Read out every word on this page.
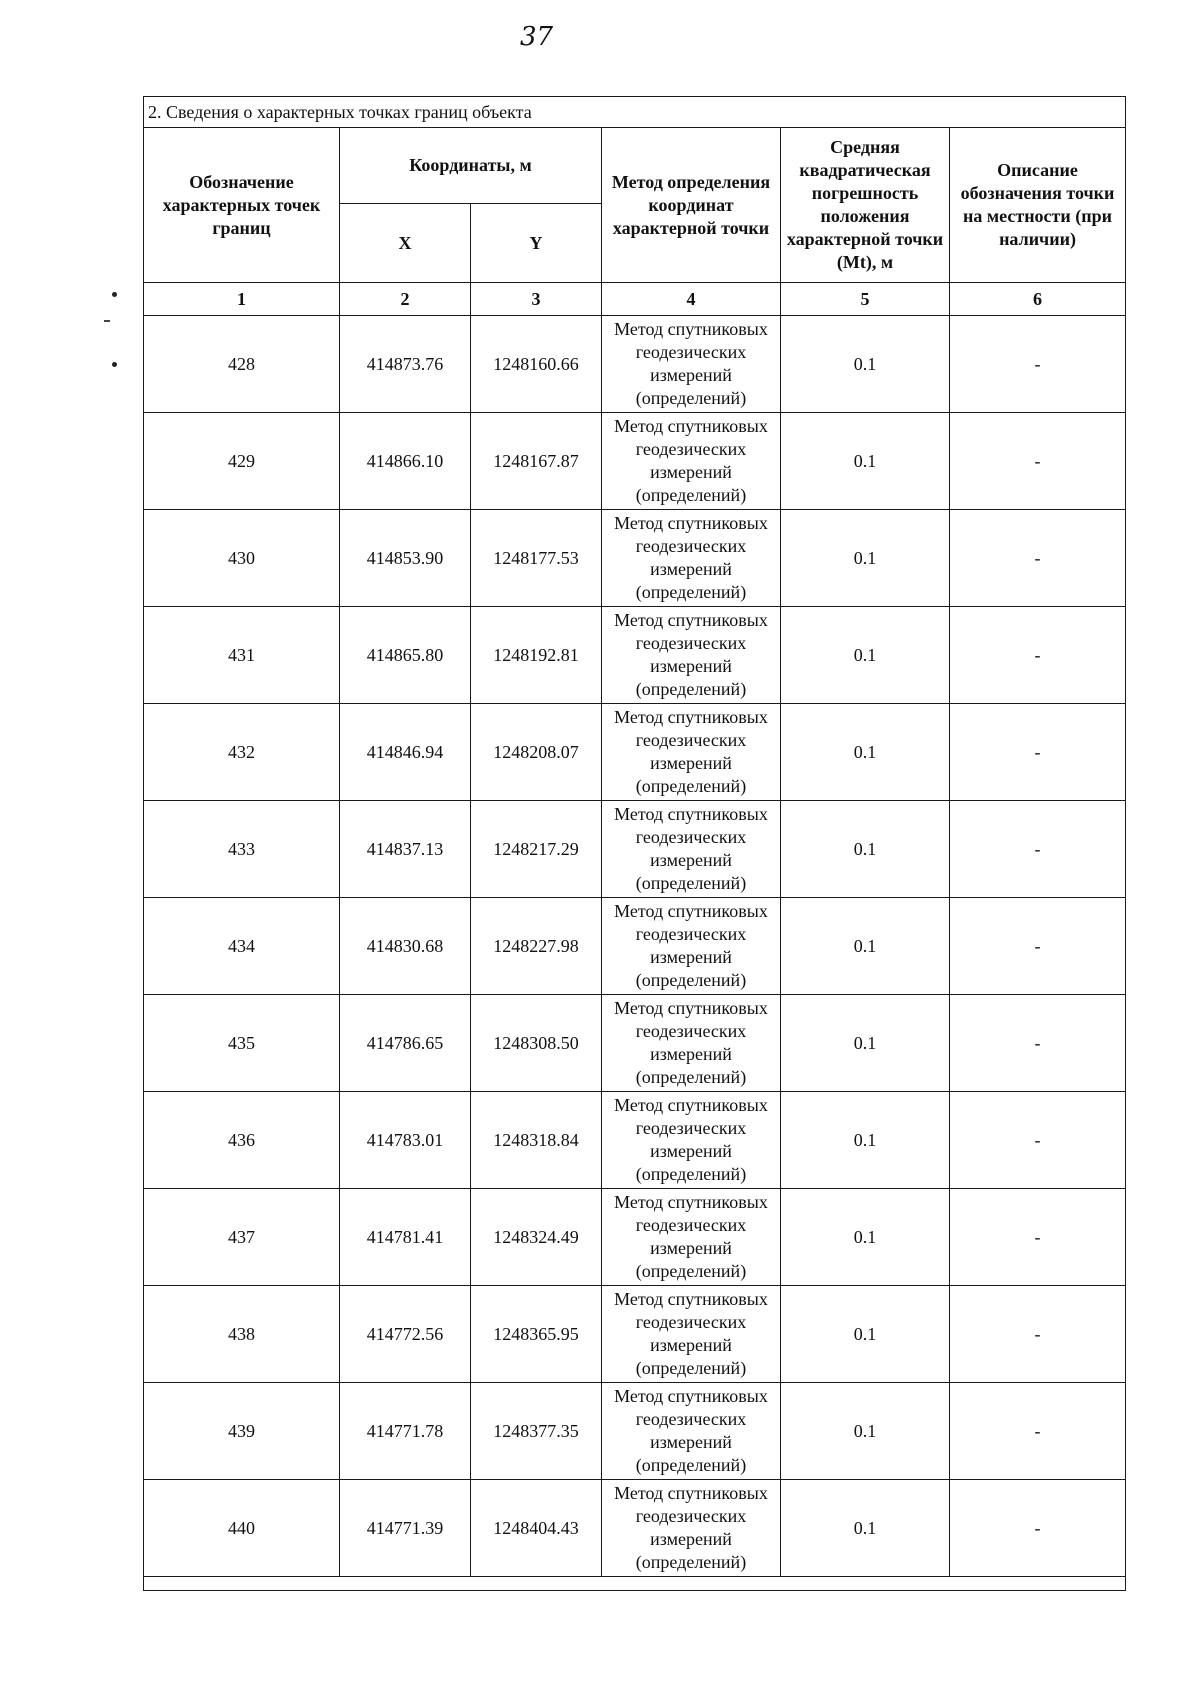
37
2. Сведения о характерных точках границ объекта					
Обозначение характерных точек границ	Координаты, м		Метод определения координат характерной точки	Средняя квадратическая погрешность положения характерной точки (Mt), м	Описание обозначения точки на местности (при наличии)
	X	Y			
1	2	3	4	5	6
428	414873.76	1248160.66	Метод спутниковых геодезических измерений (определений)	0.1	-
429	414866.10	1248167.87	Метод спутниковых геодезических измерений (определений)	0.1	-
430	414853.90	1248177.53	Метод спутниковых геодезических измерений (определений)	0.1	-
431	414865.80	1248192.81	Метод спутниковых геодезических измерений (определений)	0.1	-
432	414846.94	1248208.07	Метод спутниковых геодезических измерений (определений)	0.1	-
433	414837.13	1248217.29	Метод спутниковых геодезических измерений (определений)	0.1	-
434	414830.68	1248227.98	Метод спутниковых геодезических измерений (определений)	0.1	-
435	414786.65	1248308.50	Метод спутниковых геодезических измерений (определений)	0.1	-
436	414783.01	1248318.84	Метод спутниковых геодезических измерений (определений)	0.1	-
437	414781.41	1248324.49	Метод спутниковых геодезических измерений (определений)	0.1	-
438	414772.56	1248365.95	Метод спутниковых геодезических измерений (определений)	0.1	-
439	414771.78	1248377.35	Метод спутниковых геодезических измерений (определений)	0.1	-
440	414771.39	1248404.43	Метод спутниковых геодезических измерений (определений)	0.1	-
